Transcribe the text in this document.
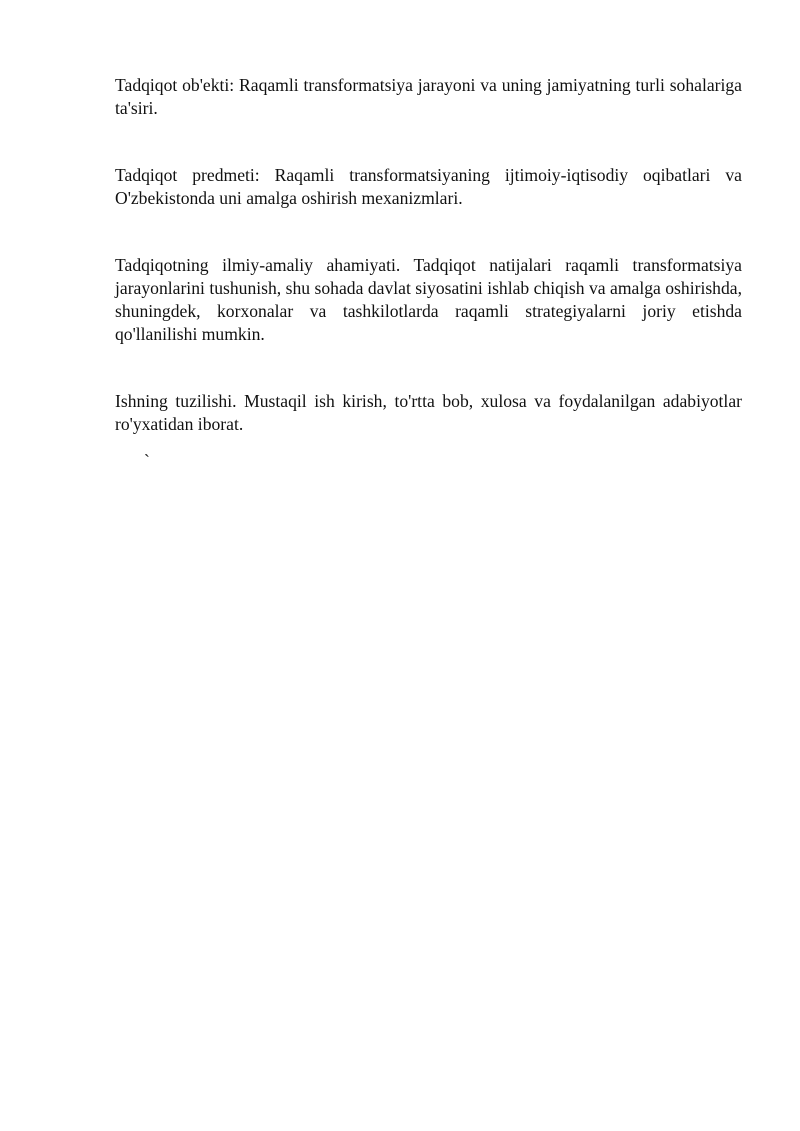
Tadqiqot ob'ekti: Raqamli transformatsiya jarayoni va uning jamiyatning turli sohalariga ta'siri.

Tadqiqot predmeti: Raqamli transformatsiyaning ijtimoiy-iqtisodiy oqibatlari va O'zbekistonda uni amalga oshirish mexanizmlari.

Tadqiqotning ilmiy-amaliy ahamiyati. Tadqiqot natijalari raqamli transformatsiya jarayonlarini tushunish, shu sohada davlat siyosatini ishlab chiqish va amalga oshirishda, shuningdek, korxonalar va tashkilotlarda raqamli strategiyalarni joriy etishda qo'llanilishi mumkin.

Ishning tuzilishi. Mustaqil ish kirish, to'rtta bob, xulosa va foydalanilgan adabiyotlar ro'yxatidan iborat.

`
